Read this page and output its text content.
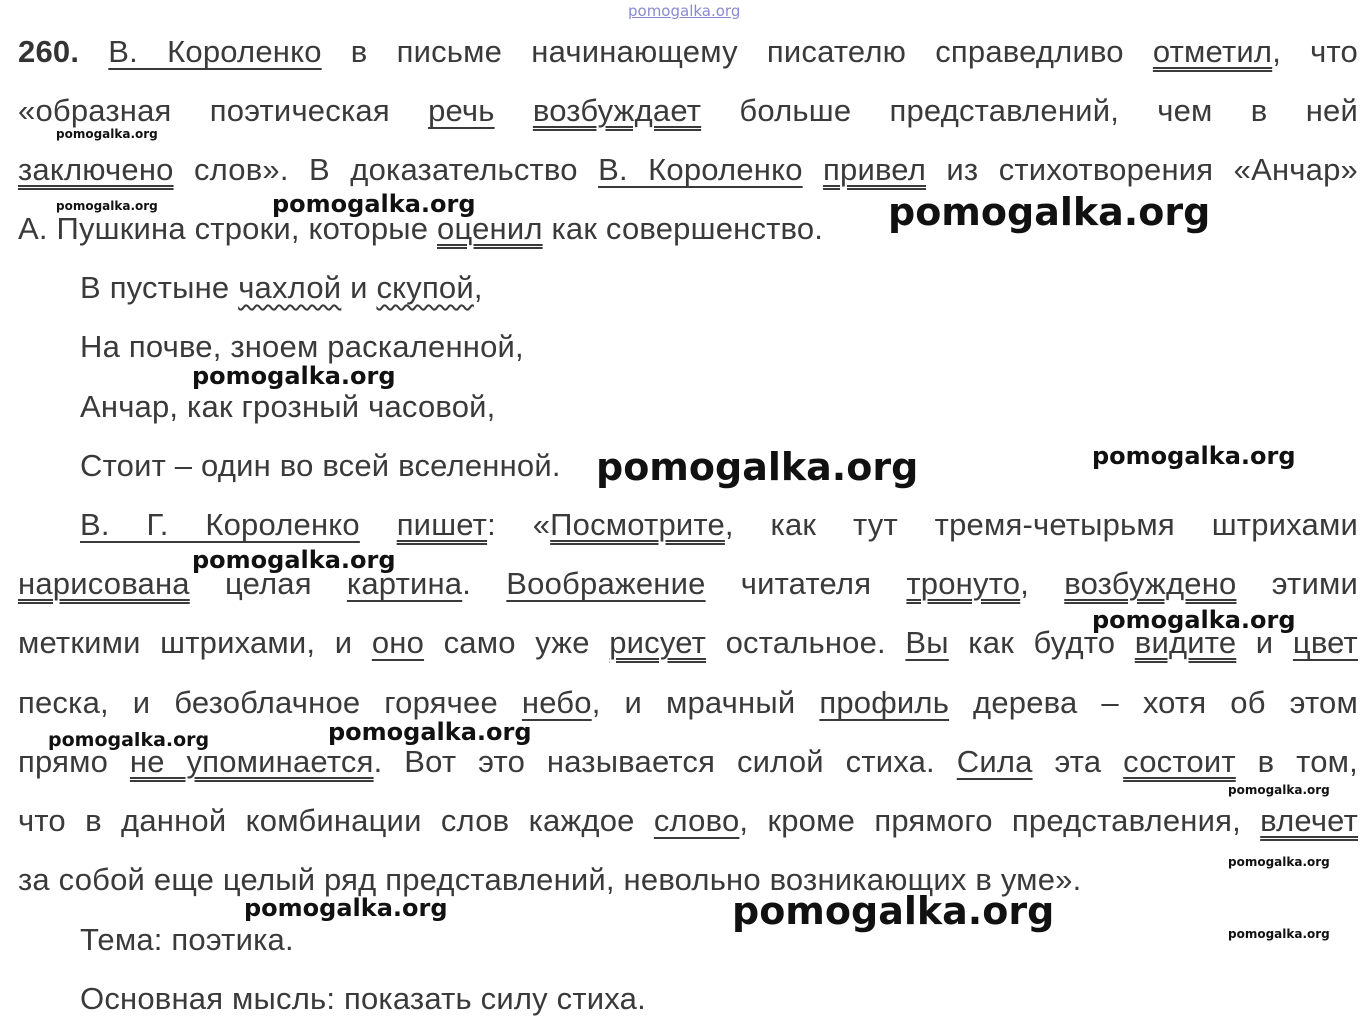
260. В. Короленко в письме начинающему писателю справедливо отметил, что
«образная поэтическая речь возбуждает больше представлений, чем в ней
заключено слов». В доказательство В. Короленко привел из стихотворения «Анчар»
А. Пушкина строки, которые оценил как совершенство.
В пустыне чахлой и скупой,
На почве, зноем раскаленной,
Анчар, как грозный часовой,
Стоит – один во всей вселенной.
В. Г. Короленко пишет: «Посмотрите, как тут тремя-четырьмя штрихами
нарисована целая картина. Воображение читателя тронуто, возбуждено этими
меткими штрихами, и оно само уже рисует остальное. Вы как будто видите и цвет
песка, и безоблачное горячее небо, и мрачный профиль дерева – хотя об этом
прямо не упоминается. Вот это называется силой стиха. Сила эта состоит в том,
что в данной комбинации слов каждое слово, кроме прямого представления, влечет
за собой еще целый ряд представлений, невольно возникающих в уме».
Тема: поэтика.
Основная мысль: показать силу стиха.
pomogalka.org
pomogalka.org
pomogalka.org	pomogalka.org	pomogalka.org
pomogalka.org
pomogalka.org	pomogalka.org
pomogalka.org
pomogalka.org
pomogalka.org	pomogalka.org
pomogalka.org
pomogalka.org
pomogalka.org	pomogalka.org
pomogalka.org
